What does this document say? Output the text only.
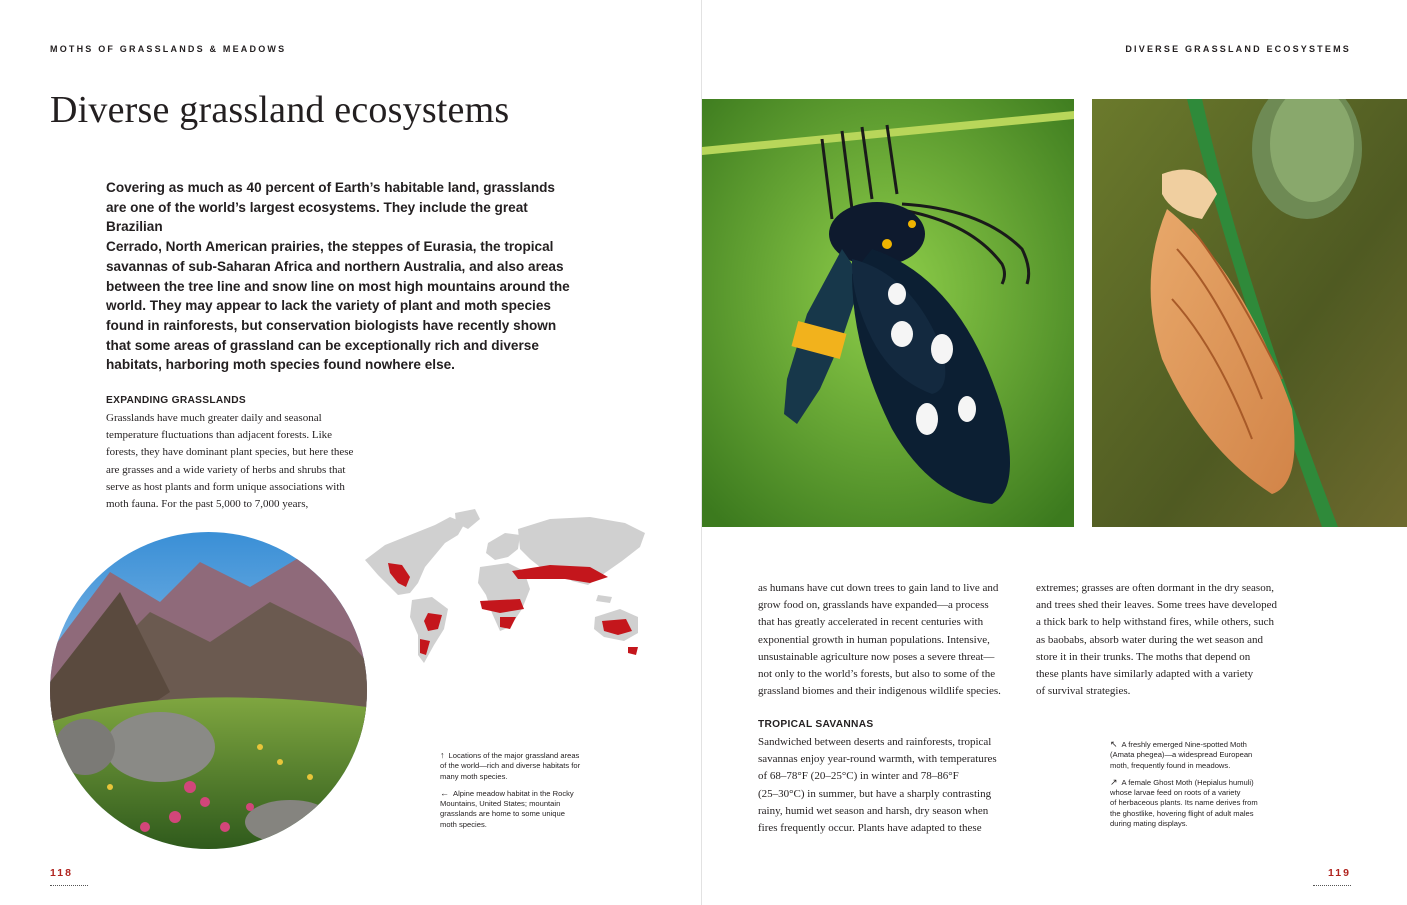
MOTHS OF GRASSLANDS & MEADOWS
Diverse grassland ecosystems
Covering as much as 40 percent of Earth’s habitable land, grasslands
are one of the world’s largest ecosystems. They include the great Brazilian
Cerrado, North American prairies, the steppes of Eurasia, the tropical
savannas of sub-Saharan Africa and northern Australia, and also areas
between the tree line and snow line on most high mountains around the
world. They may appear to lack the variety of plant and moth species
found in rainforests, but conservation biologists have recently shown
that some areas of grassland can be exceptionally rich and diverse
habitats, harboring moth species found nowhere else.
EXPANDING GRASSLANDS
Grasslands have much greater daily and seasonal
temperature fluctuations than adjacent forests. Like
forests, they have dominant plant species, but here these
are grasses and a wide variety of herbs and shrubs that
serve as host plants and form unique associations with
moth fauna. For the past 5,000 to 7,000 years,

↑ Locations of the major grassland areas
of the world—rich and diverse habitats for
many moth species.

← Alpine meadow habitat in the Rocky
Mountains, United States; mountain
grasslands are home to some unique
moth species.

118
DIVERSE GRASSLAND ECOSYSTEMS
as humans have cut down trees to gain land to live and
grow food on, grasslands have expanded—a process
that has greatly accelerated in recent centuries with
exponential growth in human populations. Intensive,
unsustainable agriculture now poses a severe threat—
not only to the world’s forests, but also to some of the
grassland biomes and their indigenous wildlife species.
TROPICAL SAVANNAS
Sandwiched between deserts and rainforests, tropical
savannas enjoy year-round warmth, with temperatures
of 68–78°F (20–25°C) in winter and 78–86°F
(25–30°C) in summer, but have a sharply contrasting
rainy, humid wet season and harsh, dry season when
fires frequently occur. Plants have adapted to these
extremes; grasses are often dormant in the dry season,
and trees shed their leaves. Some trees have developed
a thick bark to help withstand fires, while others, such
as baobabs, absorb water during the wet season and
store it in their trunks. The moths that depend on
these plants have similarly adapted with a variety
of survival strategies.

↖ A freshly emerged Nine-spotted Moth
(Amata phegea)—a widespread European
moth, frequently found in meadows.

↗ A female Ghost Moth (Hepialus humuli)
whose larvae feed on roots of a variety
of herbaceous plants. Its name derives from
the ghostlike, hovering flight of adult males
during mating displays.

119
